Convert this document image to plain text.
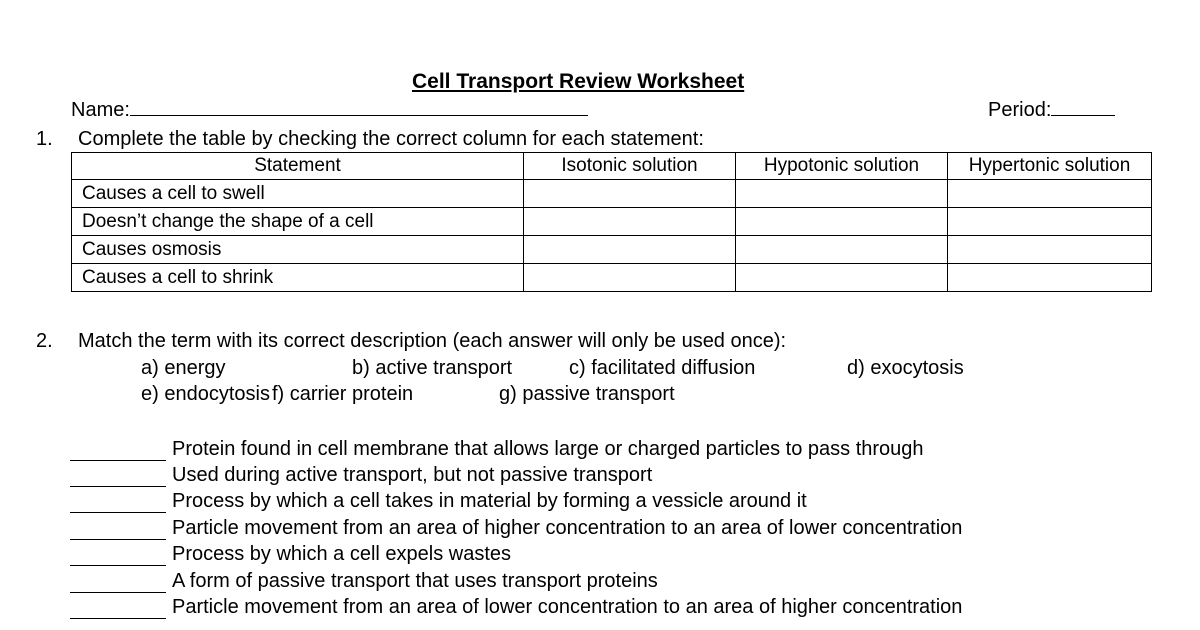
Cell Transport Review Worksheet
Name:	Period:
1. Complete the table by checking the correct column for each statement:
Statement	Isotonic solution	Hypotonic solution	Hypertonic solution
Causes a cell to swell			
Doesn’t change the shape of a cell			
Causes osmosis			
Causes a cell to shrink			
2. Match the term with its correct description (each answer will only be used once):
a) energy	b) active transport	c) facilitated diffusion	d) exocytosis
e) endocytosis f) carrier protein	g) passive transport
Protein found in cell membrane that allows large or charged particles to pass through
Used during active transport, but not passive transport
Process by which a cell takes in material by forming a vessicle around it
Particle movement from an area of higher concentration to an area of lower concentration
Process by which a cell expels wastes
A form of passive transport that uses transport proteins
Particle movement from an area of lower concentration to an area of higher concentration
